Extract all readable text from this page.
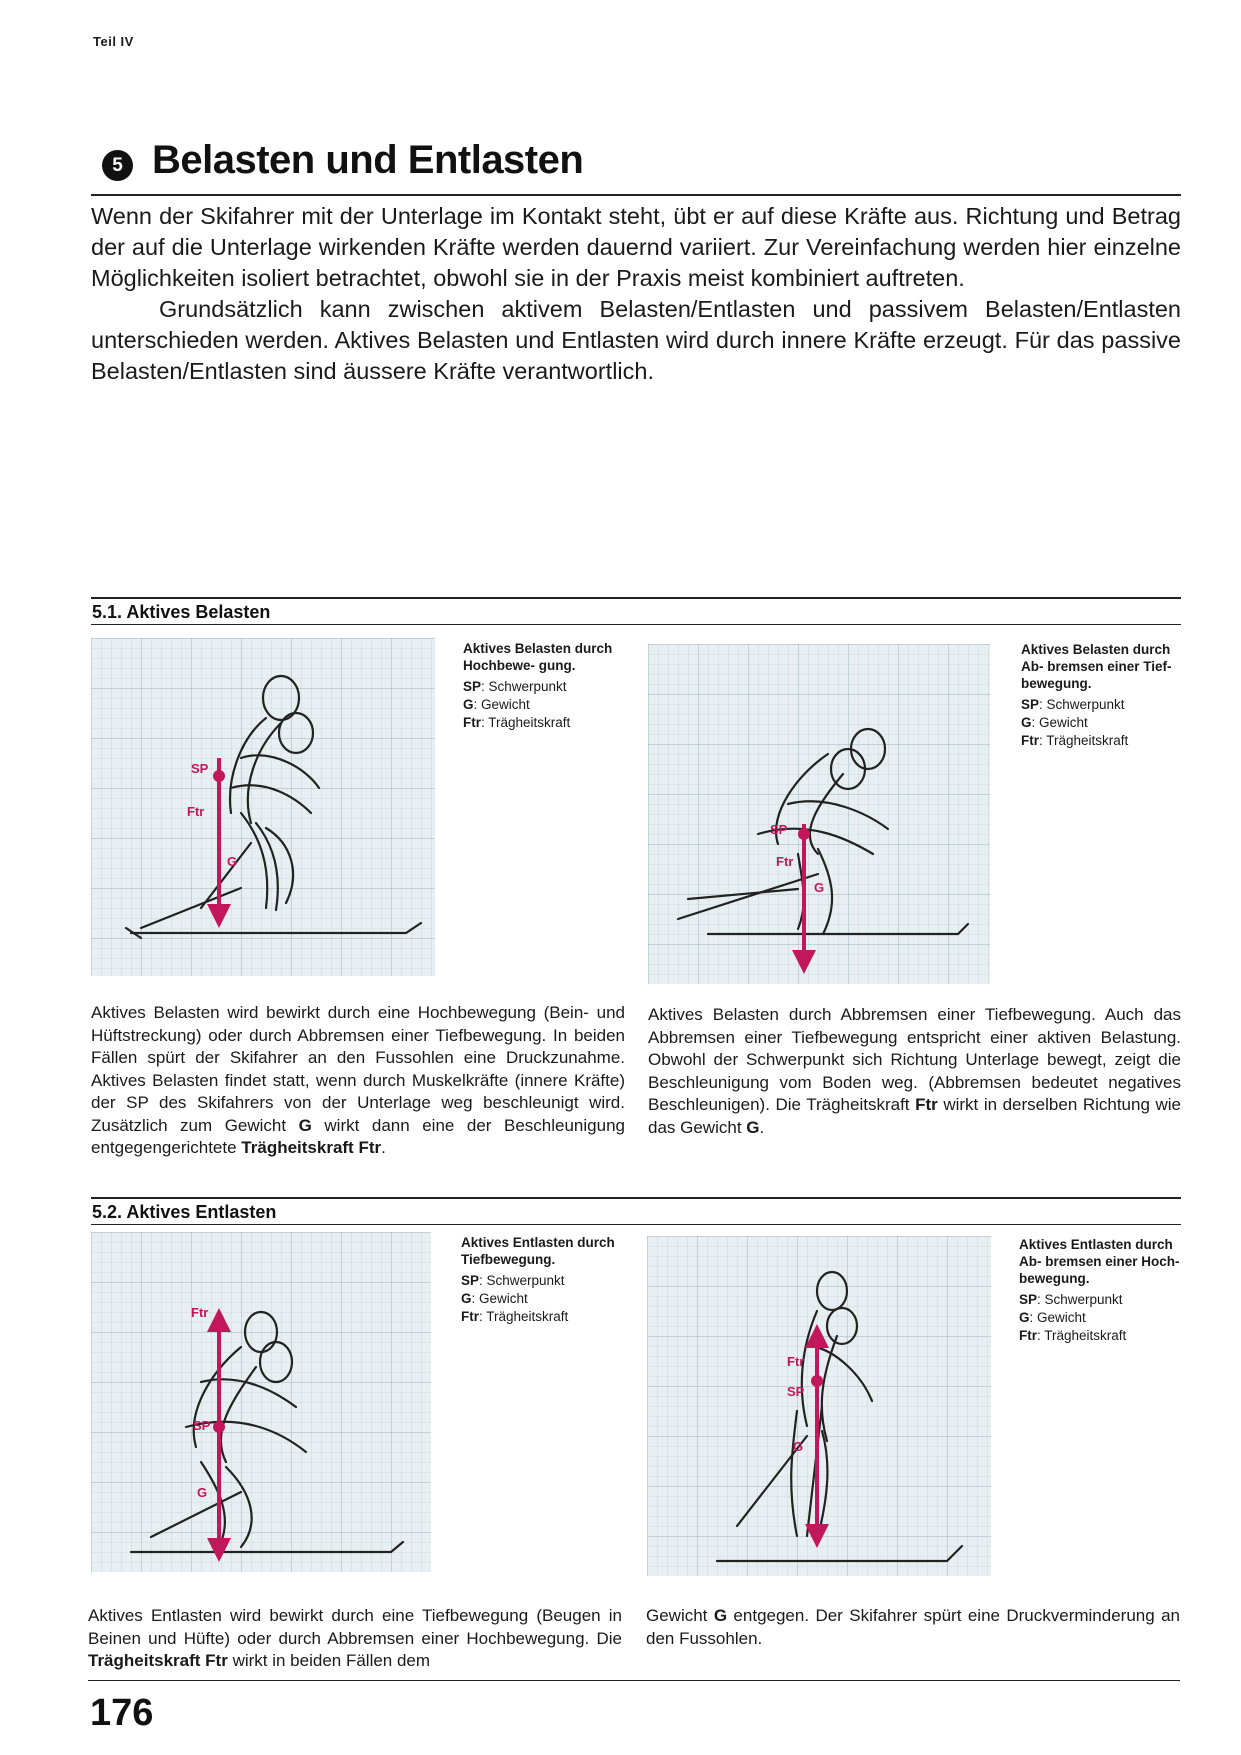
Teil IV
5 Belasten und Entlasten

Wenn der Skifahrer mit der Unterlage im Kontakt steht, übt er auf diese Kräfte aus. Richtung und Betrag der auf die Unterlage wirkenden Kräfte werden dauernd variiert. Zur Vereinfachung werden hier einzelne Möglichkeiten isoliert betrachtet, obwohl sie in der Praxis meist kombiniert auftreten.

Grundsätzlich kann zwischen aktivem Belasten/Entlasten und passivem Belasten/Entlasten unterschieden werden. Aktives Belasten und Entlasten wird durch innere Kräfte erzeugt. Für das passive Belasten/Entlasten sind äussere Kräfte verantwortlich.

5.1. Aktives Belasten
SP
Ftr
G
Aktives Belasten durch Hochbewe- gung.
SP: Schwerpunkt
G: Gewicht
Ftr: Trägheitskraft
SP
Ftr
G
Aktives Belasten durch Ab- bremsen einer Tief- bewegung.
SP: Schwerpunkt
G: Gewicht
Ftr: Trägheitskraft
Aktives Belasten wird bewirkt durch eine Hochbewegung (Bein- und Hüftstreckung) oder durch Abbremsen einer Tiefbewegung. In beiden Fällen spürt der Skifahrer an den Fussohlen eine Druckzunahme. Aktives Belasten findet statt, wenn durch Muskelkräfte (innere Kräfte) der SP des Skifahrers von der Unterlage weg beschleunigt wird. Zusätzlich zum Gewicht G wirkt dann eine der Beschleunigung entgegengerichtete Trägheitskraft Ftr.
Aktives Belasten durch Abbremsen einer Tiefbewegung. Auch das Abbremsen einer Tiefbewegung entspricht einer aktiven Belastung. Obwohl der Schwerpunkt sich Richtung Unterlage bewegt, zeigt die Beschleunigung vom Boden weg. (Abbremsen bedeutet negatives Beschleunigen). Die Trägheitskraft Ftr wirkt in derselben Richtung wie das Gewicht G.
5.2. Aktives Entlasten
Ftr
SP
G
Aktives Entlasten durch Tiefbewegung.
SP: Schwerpunkt
G: Gewicht
Ftr: Trägheitskraft
Ftr
SP
G
Aktives Entlasten durch Ab- bremsen einer Hoch- bewegung.
SP: Schwerpunkt
G: Gewicht
Ftr: Trägheitskraft
Aktives Entlasten wird bewirkt durch eine Tiefbewegung (Beugen in Beinen und Hüfte) oder durch Abbremsen einer Hochbewegung. Die Trägheitskraft Ftr wirkt in beiden Fällen dem
Gewicht G entgegen. Der Skifahrer spürt eine Druckverminderung an den Fussohlen.
176
